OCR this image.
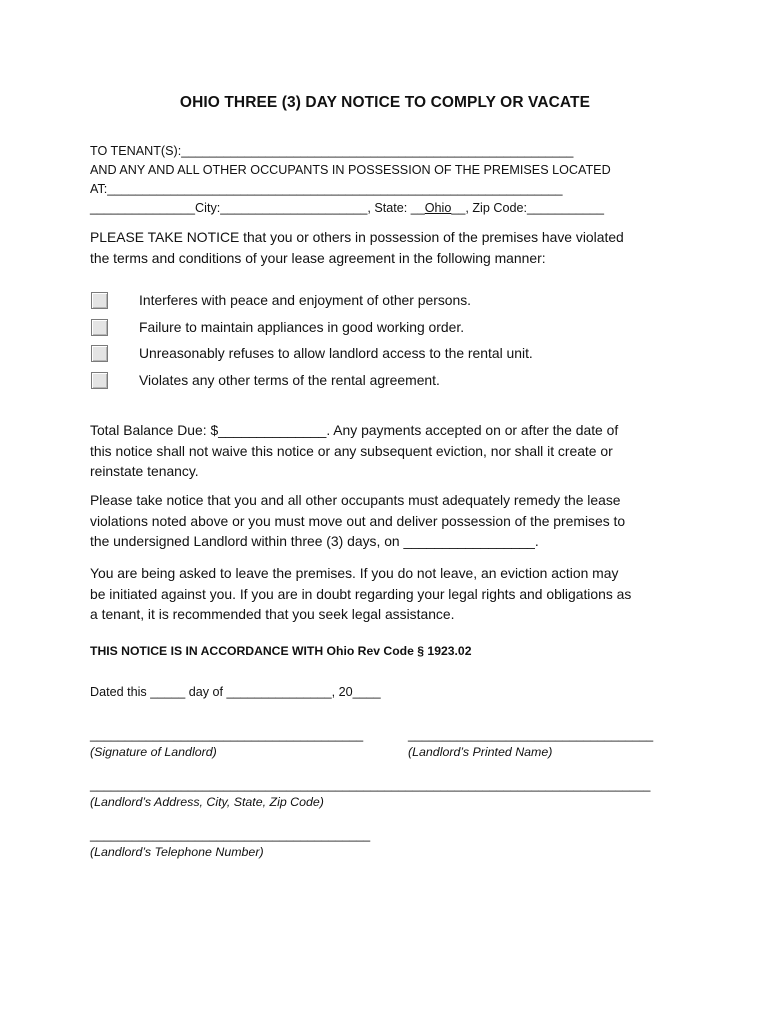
OHIO THREE (3) DAY NOTICE TO COMPLY OR VACATE
TO TENANT(S):________________________________________________________
AND ANY AND ALL OTHER OCCUPANTS IN POSSESSION OF THE PREMISES LOCATED
AT:_________________________________________________________________
_______________City:_____________________, State: __Ohio__, Zip Code:___________
PLEASE TAKE NOTICE that you or others in possession of the premises have violated
the terms and conditions of your lease agreement in the following manner:
Interferes with peace and enjoyment of other persons.
Failure to maintain appliances in good working order.
Unreasonably refuses to allow landlord access to the rental unit.
Violates any other terms of the rental agreement.
Total Balance Due: $______________. Any payments accepted on or after the date of
this notice shall not waive this notice or any subsequent eviction, nor shall it create or
reinstate tenancy.
Please take notice that you and all other occupants must adequately remedy the lease
violations noted above or you must move out and deliver possession of the premises to
the undersigned Landlord within three (3) days, on _________________.
You are being asked to leave the premises. If you do not leave, an eviction action may
be initiated against you. If you are in doubt regarding your legal rights and obligations as
a tenant, it is recommended that you seek legal assistance.
THIS NOTICE IS IN ACCORDANCE WITH Ohio Rev Code § 1923.02
Dated this _____ day of _______________, 20____
_______________________________________
(Signature of Landlord)
___________________________________
(Landlord’s Printed Name)
________________________________________________________________________________
(Landlord’s Address, City, State, Zip Code)
________________________________________
(Landlord’s Telephone Number)
